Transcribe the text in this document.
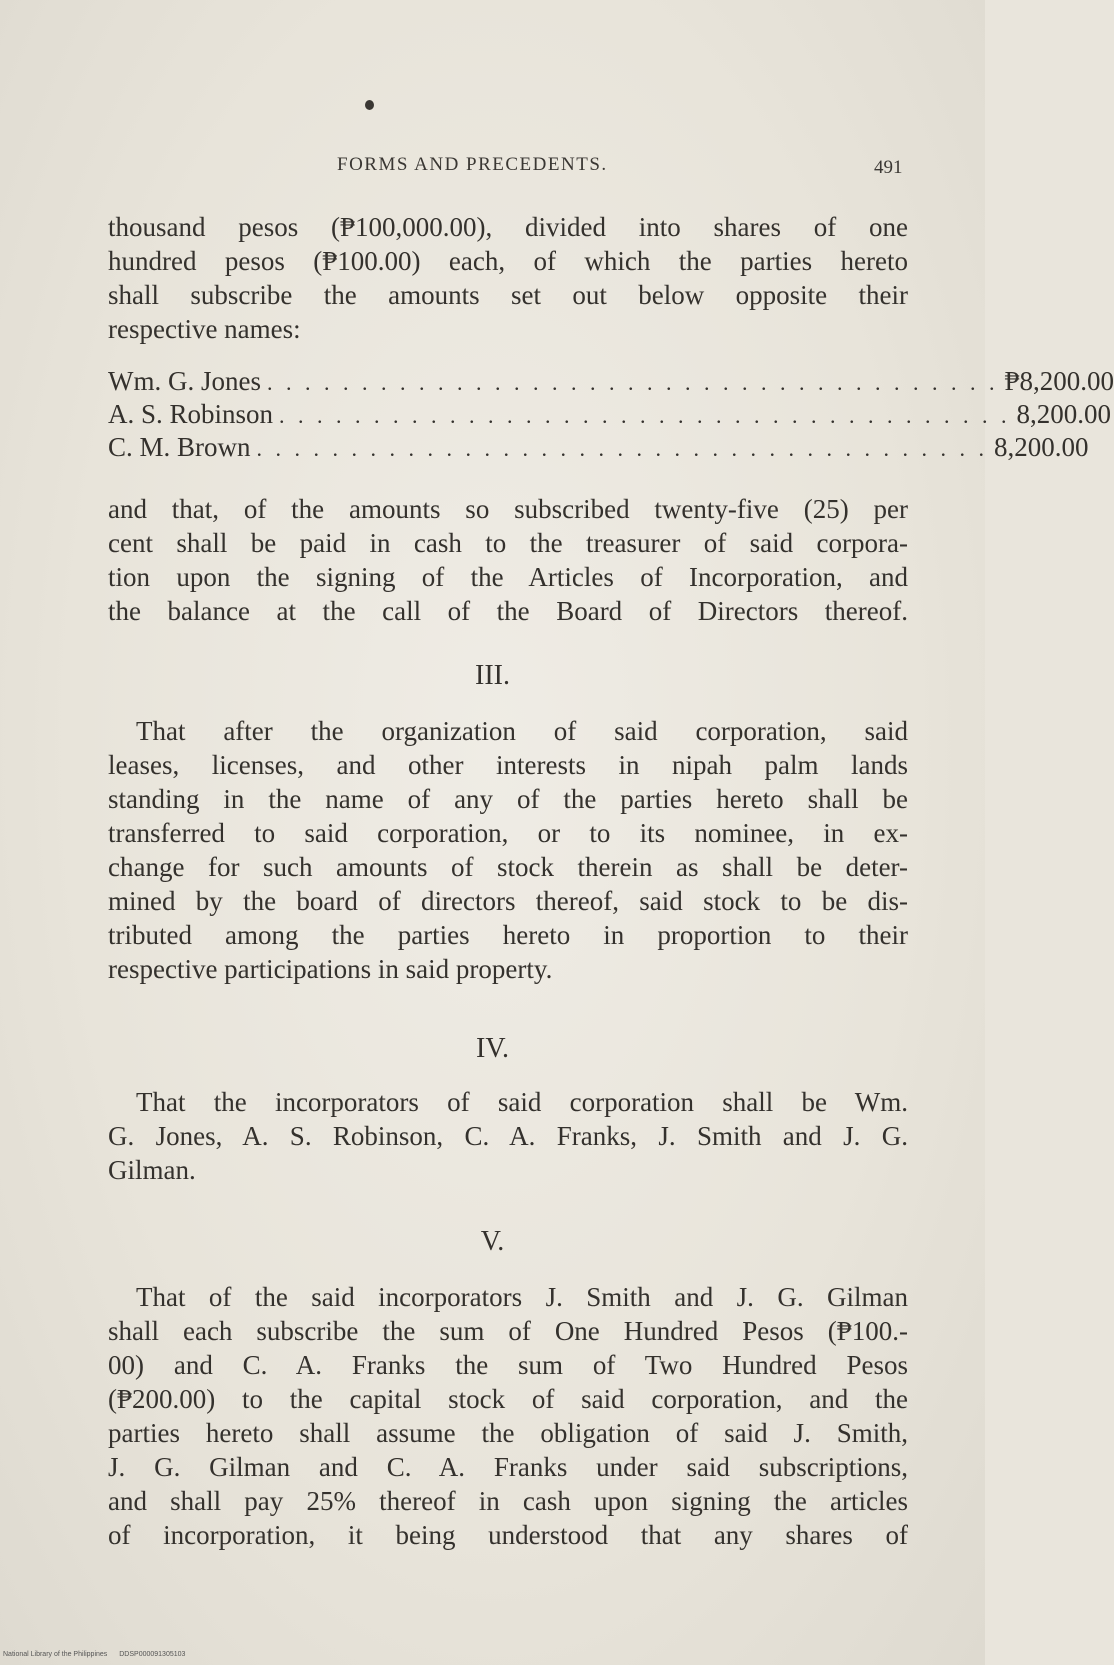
FORMS AND PRECEDENTS.	491
thousand pesos (₱100,000.00), divided into shares of one
hundred pesos (₱100.00) each, of which the parties hereto
shall subscribe the amounts set out below opposite their
respective names:
Wm. G. Jones . . . . . . . . . . . . . . . . . . . . . . . . . . . . . . . . . . . . . . . ₱8,200.00
A. S. Robinson . . . . . . . . . . . . . . . . . . . . . . . . . . . . . . . . . . . . . . . 8,200.00
C. M. Brown . . . . . . . . . . . . . . . . . . . . . . . . . . . . . . . . . . . . . . . 8,200.00
and that, of the amounts so subscribed twenty-five (25) per
cent shall be paid in cash to the treasurer of said corpora-
tion upon the signing of the Articles of Incorporation, and
the balance at the call of the Board of Directors thereof.
III.
That after the organization of said corporation, said
leases, licenses, and other interests in nipah palm lands
standing in the name of any of the parties hereto shall be
transferred to said corporation, or to its nominee, in ex-
change for such amounts of stock therein as shall be deter-
mined by the board of directors thereof, said stock to be dis-
tributed among the parties hereto in proportion to their
respective participations in said property.
IV.
That the incorporators of said corporation shall be Wm.
G. Jones, A. S. Robinson, C. A. Franks, J. Smith and J. G.
Gilman.
V.
That of the said incorporators J. Smith and J. G. Gilman
shall each subscribe the sum of One Hundred Pesos (₱100.-
00) and C. A. Franks the sum of Two Hundred Pesos
(₱200.00) to the capital stock of said corporation, and the
parties hereto shall assume the obligation of said J. Smith,
J. G. Gilman and C. A. Franks under said subscriptions,
and shall pay 25% thereof in cash upon signing the articles
of incorporation, it being understood that any shares of
National Library of the Philippines DDSP000091305103
